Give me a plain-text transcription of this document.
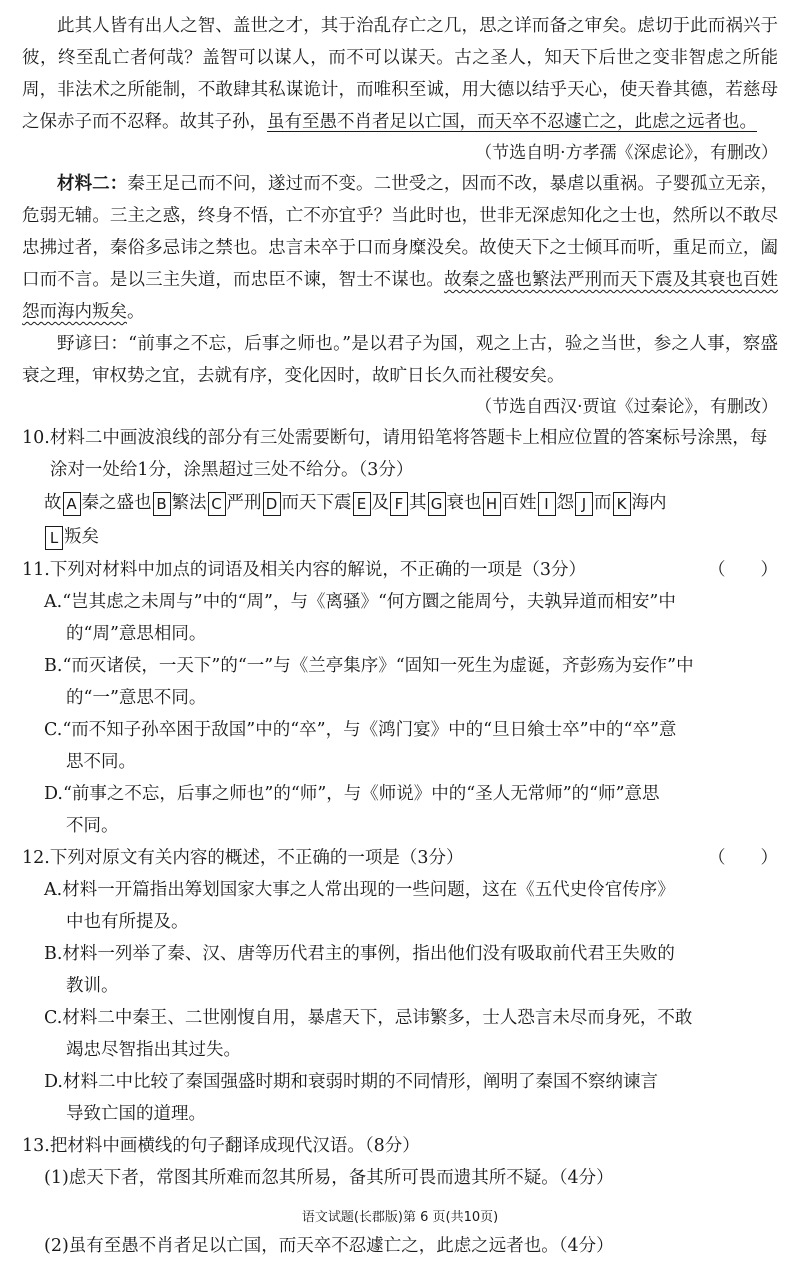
此其人皆有出人之智、盖世之才，其于治乱存亡之几，思之详而备之审矣。虑切于此而祸兴于彼，终至乱亡者何哉？盖智可以谋人，而不可以谋天。古之圣人，知天下后世之变非智虑之所能周，非法术之所能制，不敢肆其私谋诡计，而唯积至诚，用大德以结乎天心，使天眷其德，若慈母之保赤子而不忍释。故其子孙，虽有至愚不肖者足以亡国，而天卒不忍遽亡之，此虑之远者也。

（节选自明·方孝孺《深虑论》，有删改）

材料二：秦王足己而不问，遂过而不变。二世受之，因而不改，暴虐以重祸。子婴孤立无亲，危弱无辅。三主之惑，终身不悟，亡不亦宜乎？当此时也，世非无深虑知化之士也，然所以不敢尽忠拂过者，秦俗多忌讳之禁也。忠言未卒于口而身糜没矣。故使天下之士倾耳而听，重足而立，阖口而不言。是以三主失道，而忠臣不谏，智士不谋也。故秦之盛也繁法严刑而天下震及其衰也百姓怨而海内叛矣。

野谚曰：“前事之不忘，后事之师也。”是以君子为国，观之上古，验之当世，参之人事，察盛衰之理，审权势之宜，去就有序，变化因时，故旷日长久而社稷安矣。

（节选自西汉·贾谊《过秦论》，有删改）

10. 材料二中画波浪线的部分有三处需要断句，请用铅笔将答题卡上相应位置的答案标号涂黑，每涂对一处给1分，涂黑超过三处不给分。（3分）
故 A 秦之盛也 B 繁法 C 严刑 D 而天下震 E 及 F 其 G 衰也 H 百姓 I 怨 J 而 K 海内
L 叛矣
11. 下列对材料中加点的词语及相关内容的解说，不正确的一项是（3分）	（　　）

A.“岂其虑之未周与”中的“周”，与《离骚》“何方圜之能周兮，夫孰异道而相安”中
的“周”意思相同。

B.“而灭诸侯，一天下”的“一”与《兰亭集序》“固知一死生为虚诞，齐彭殇为妄作”中
的“一”意思不同。

C.“而不知子孙卒困于敌国”中的“卒”，与《鸿门宴》中的“旦日飨士卒”中的“卒”意
思不同。

D.“前事之不忘，后事之师也”的“师”，与《师说》中的“圣人无常师”的“师”意思
不同。

12. 下列对原文有关内容的概述，不正确的一项是（3分）	（　　）

A.材料一开篇指出筹划国家大事之人常出现的一些问题，这在《五代史伶官传序》
中也有所提及。

B.材料一列举了秦、汉、唐等历代君主的事例，指出他们没有吸取前代君王失败的
教训。

C.材料二中秦王、二世刚愎自用，暴虐天下，忌讳繁多，士人恐言未尽而身死，不敢
竭忠尽智指出其过失。

D.材料二中比较了秦国强盛时期和衰弱时期的不同情形，阐明了秦国不察纳谏言
导致亡国的道理。

13. 把材料中画横线的句子翻译成现代汉语。（8分）

(1)虑天下者，常图其所难而忽其所易，备其所可畏而遗其所不疑。（4分）

(2)虽有至愚不肖者足以亡国，而天卒不忍遽亡之，此虑之远者也。（4分）

语文试题(长郡版)第 6 页(共10页)
